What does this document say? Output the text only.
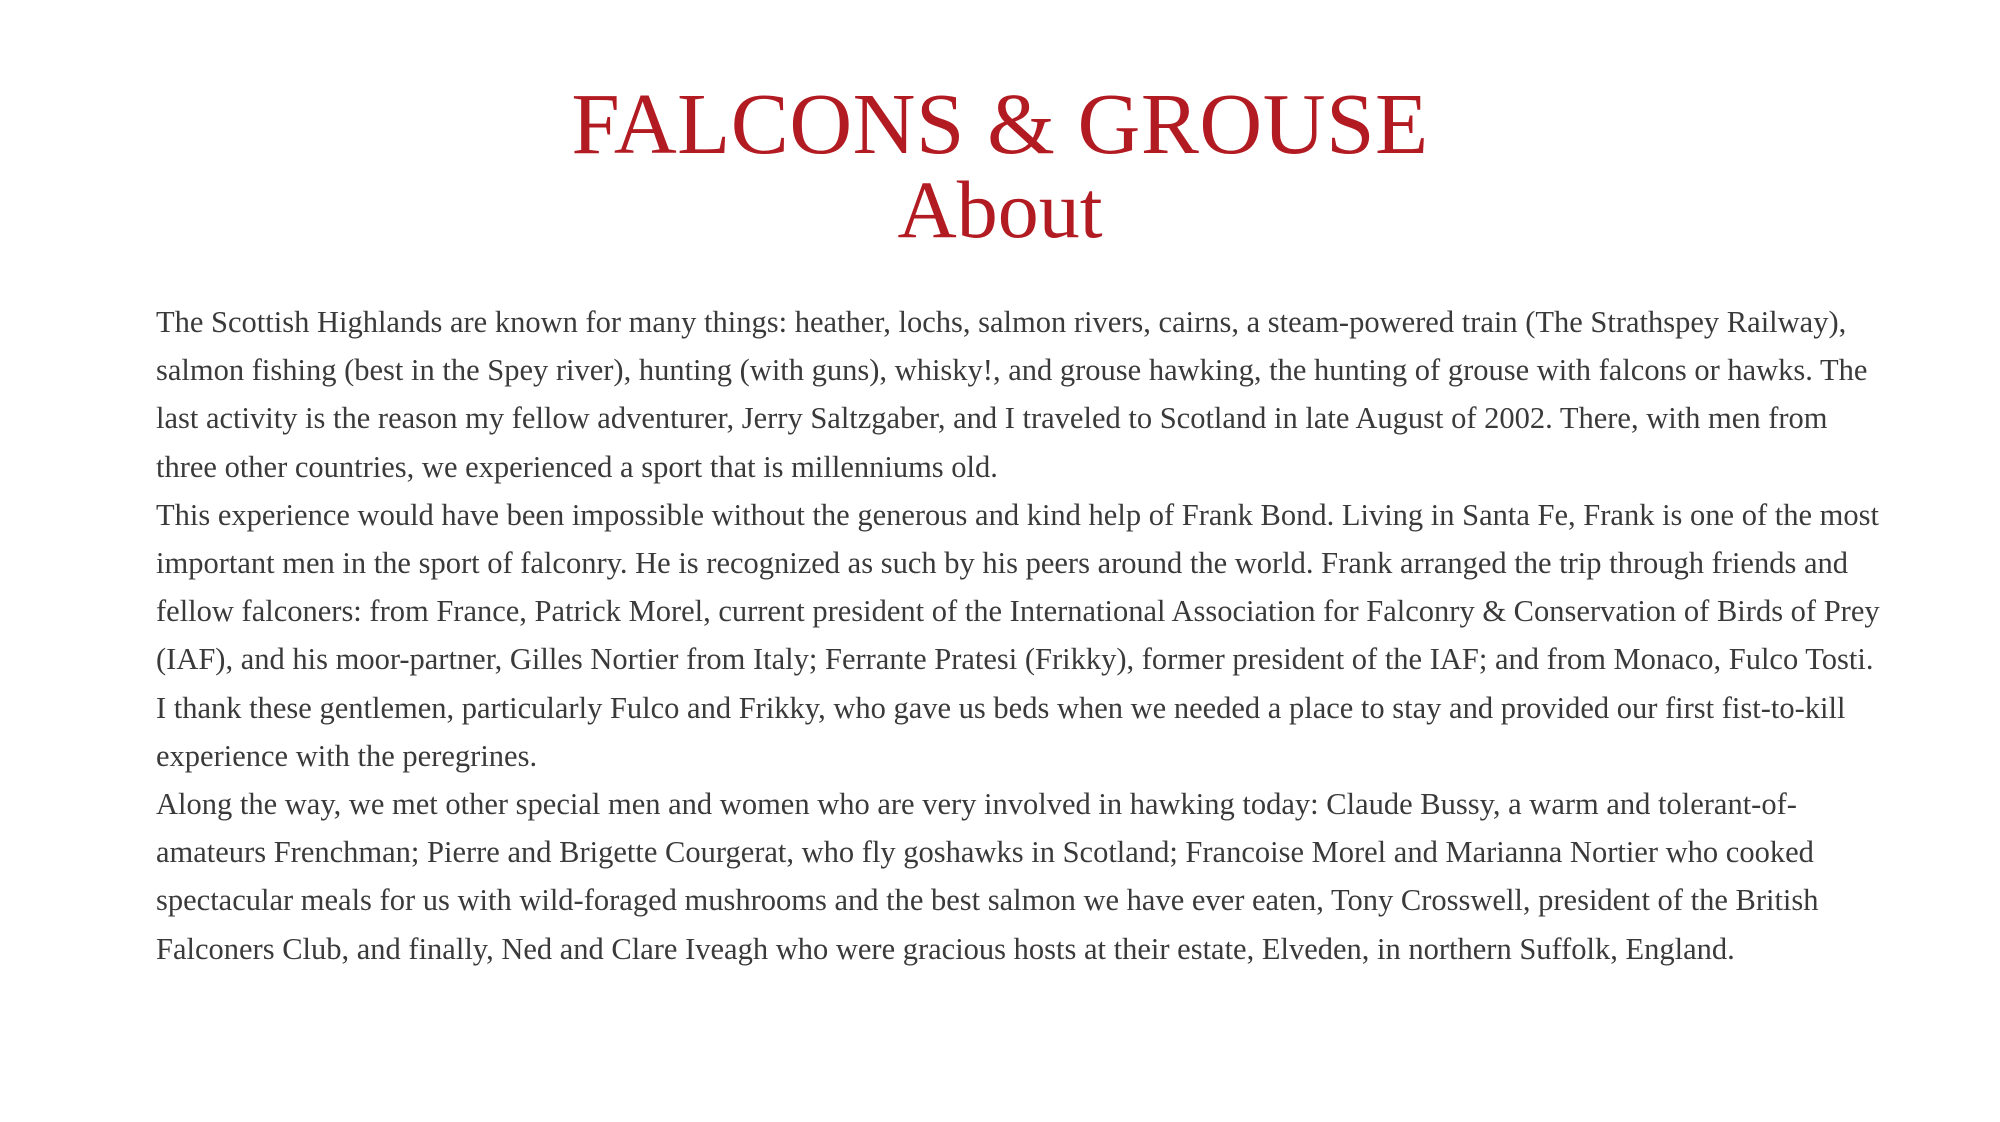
FALCONS & GROUSE
About

The Scottish Highlands are known for many things: heather, lochs, salmon rivers, cairns, a steam-powered train (The Strathspey Railway), salmon fishing (best in the Spey river), hunting (with guns), whisky!, and grouse hawking, the hunting of grouse with falcons or hawks. The last activity is the reason my fellow adventurer, Jerry Saltzgaber, and I traveled to Scotland in late August of 2002. There, with men from three other countries, we experienced a sport that is millenniums old.

This experience would have been impossible without the generous and kind help of Frank Bond. Living in Santa Fe, Frank is one of the most important men in the sport of falconry. He is recognized as such by his peers around the world. Frank arranged the trip through friends and fellow falconers: from France, Patrick Morel, current president of the International Association for Falconry & Conservation of Birds of Prey (IAF), and his moor-partner, Gilles Nortier from Italy; Ferrante Pratesi (Frikky), former president of the IAF; and from Monaco, Fulco Tosti. I thank these gentlemen, particularly Fulco and Frikky, who gave us beds when we needed a place to stay and provided our first fist-to-kill experience with the peregrines.

Along the way, we met other special men and women who are very involved in hawking today: Claude Bussy, a warm and tolerant-of-amateurs Frenchman; Pierre and Brigette Courgerat, who fly goshawks in Scotland; Francoise Morel and Marianna Nortier who cooked spectacular meals for us with wild-foraged mushrooms and the best salmon we have ever eaten, Tony Crosswell, president of the British Falconers Club, and finally, Ned and Clare Iveagh who were gracious hosts at their estate, Elveden, in northern Suffolk, England.
